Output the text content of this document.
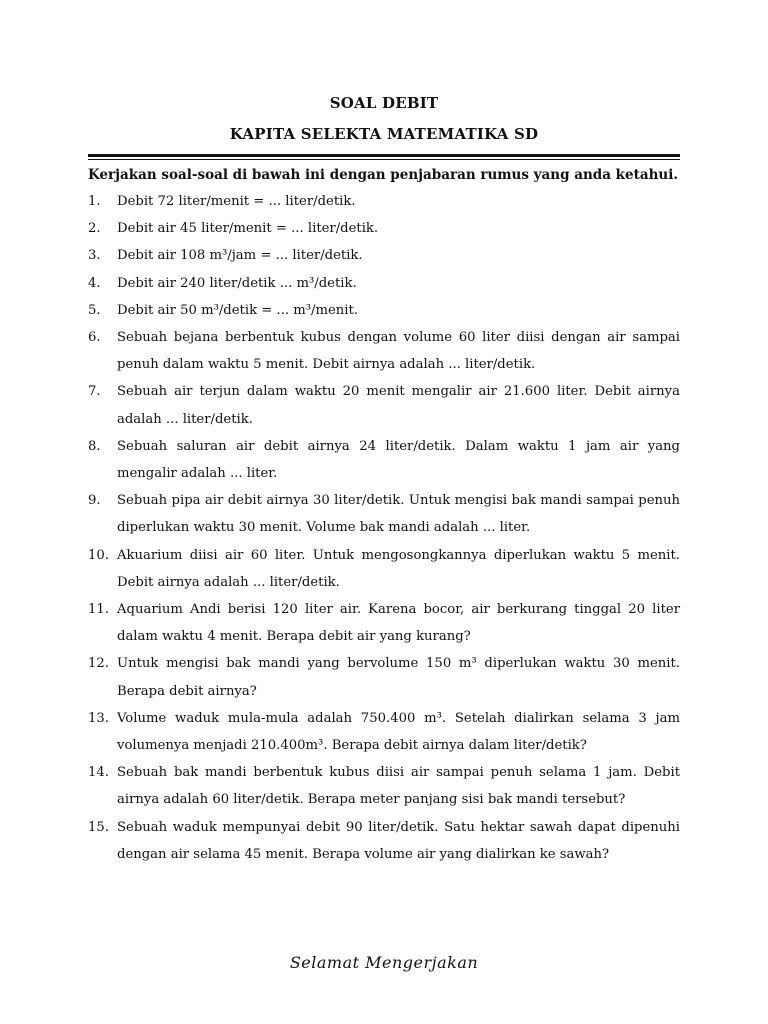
SOAL DEBIT
KAPITA SELEKTA MATEMATIKA SD
Kerjakan soal-soal di bawah ini dengan penjabaran rumus yang anda ketahui.
1.	Debit 72 liter/menit = ... liter/detik.
2.	Debit air 45 liter/menit = ... liter/detik.
3.	Debit air 108 m³/jam = ... liter/detik.
4.	Debit air 240 liter/detik ... m³/detik.
5.	Debit air 50 m³/detik = ... m³/menit.
6.	Sebuah bejana berbentuk kubus dengan volume 60 liter diisi dengan air sampai penuh dalam waktu 5 menit. Debit airnya adalah ... liter/detik.
7.	Sebuah air terjun dalam waktu 20 menit mengalir air 21.600 liter. Debit airnya adalah ... liter/detik.
8.	Sebuah saluran air debit airnya 24 liter/detik. Dalam waktu 1 jam air yang mengalir adalah ... liter.
9.	Sebuah pipa air debit airnya 30 liter/detik. Untuk mengisi bak mandi sampai penuh diperlukan waktu 30 menit. Volume bak mandi adalah ... liter.
10. Akuarium diisi air 60 liter. Untuk mengosongkannya diperlukan waktu 5 menit. Debit airnya adalah ... liter/detik.
11. Aquarium Andi berisi 120 liter air. Karena bocor, air berkurang tinggal 20 liter dalam waktu 4 menit. Berapa debit air yang kurang?
12. Untuk mengisi bak mandi yang bervolume 150 m³ diperlukan waktu 30 menit. Berapa debit airnya?
13. Volume waduk mula-mula adalah 750.400 m³. Setelah dialirkan selama 3 jam volumenya menjadi 210.400m³. Berapa debit airnya dalam liter/detik?
14. Sebuah bak mandi berbentuk kubus diisi air sampai penuh selama 1 jam. Debit airnya adalah 60 liter/detik. Berapa meter panjang sisi bak mandi tersebut?
15. Sebuah waduk mempunyai debit 90 liter/detik. Satu hektar sawah dapat dipenuhi dengan air selama 45 menit. Berapa volume air yang dialirkan ke sawah?
Selamat Mengerjakan
